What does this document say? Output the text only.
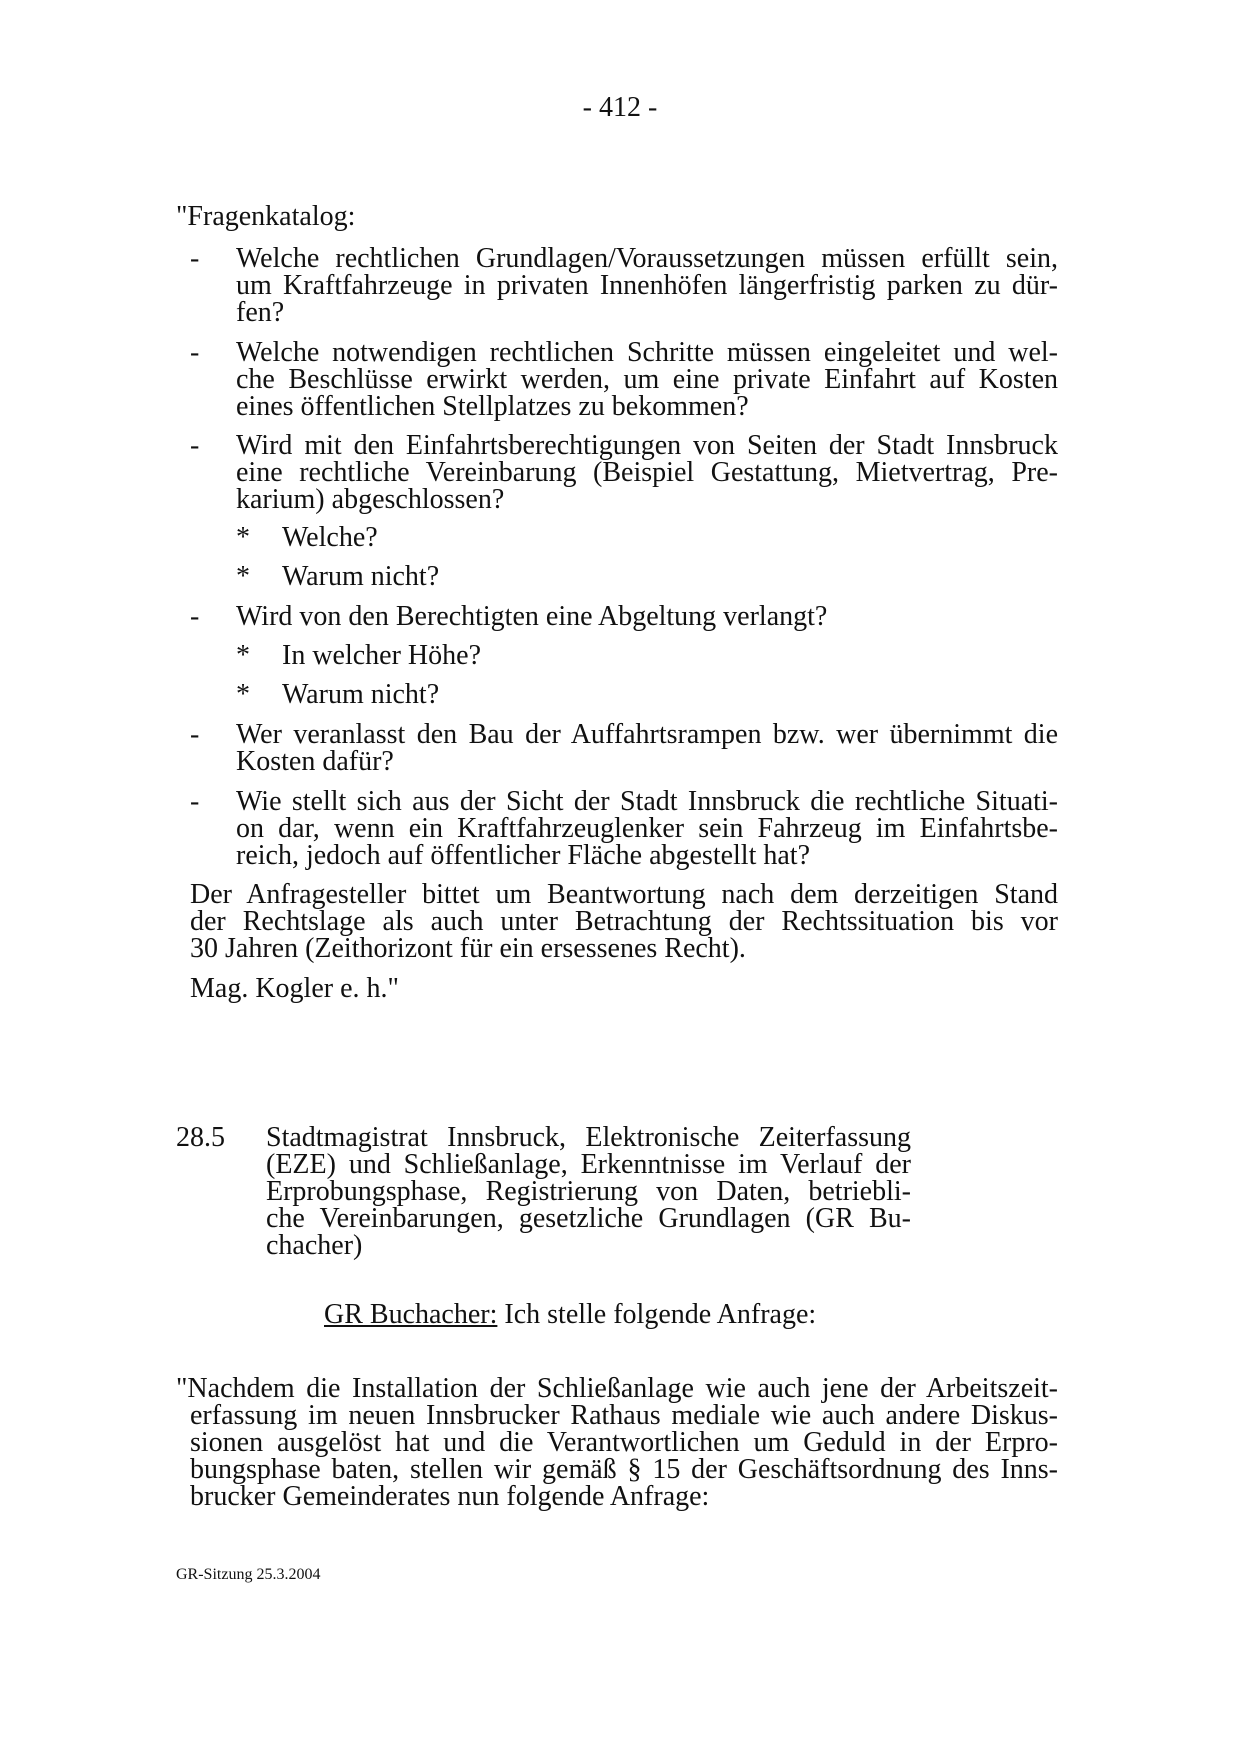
- 412 -
"Fragenkatalog:
- Welche rechtlichen Grundlagen/Voraussetzungen müssen erfüllt sein,
um Kraftfahrzeuge in privaten Innenhöfen längerfristig parken zu dür-
fen?
- Welche notwendigen rechtlichen Schritte müssen eingeleitet und wel-
che Beschlüsse erwirkt werden, um eine private Einfahrt auf Kosten
eines öffentlichen Stellplatzes zu bekommen?
- Wird mit den Einfahrtsberechtigungen von Seiten der Stadt Innsbruck
eine rechtliche Vereinbarung (Beispiel Gestattung, Mietvertrag, Pre-
karium) abgeschlossen?
* Welche?
* Warum nicht?
- Wird von den Berechtigten eine Abgeltung verlangt?
* In welcher Höhe?
* Warum nicht?
- Wer veranlasst den Bau der Auffahrtsrampen bzw. wer übernimmt die
Kosten dafür?
- Wie stellt sich aus der Sicht der Stadt Innsbruck die rechtliche Situati-
on dar, wenn ein Kraftfahrzeuglenker sein Fahrzeug im Einfahrtsbe-
reich, jedoch auf öffentlicher Fläche abgestellt hat?
Der Anfragesteller bittet um Beantwortung nach dem derzeitigen Stand
der Rechtslage als auch unter Betrachtung der Rechtssituation bis vor
30 Jahren (Zeithorizont für ein ersessenes Recht).
Mag. Kogler e. h."
28.5 Stadtmagistrat Innsbruck, Elektronische Zeiterfassung
(EZE) und Schließanlage, Erkenntnisse im Verlauf der
Erprobungsphase, Registrierung von Daten, betriebli-
che Vereinbarungen, gesetzliche Grundlagen (GR Bu-
chacher)
GR Buchacher: Ich stelle folgende Anfrage:
"Nachdem die Installation der Schließanlage wie auch jene der Arbeitszeit-
erfassung im neuen Innsbrucker Rathaus mediale wie auch andere Diskus-
sionen ausgelöst hat und die Verantwortlichen um Geduld in der Erpro-
bungsphase baten, stellen wir gemäß § 15 der Geschäftsordnung des Inns-
brucker Gemeinderates nun folgende Anfrage:
GR-Sitzung 25.3.2004
